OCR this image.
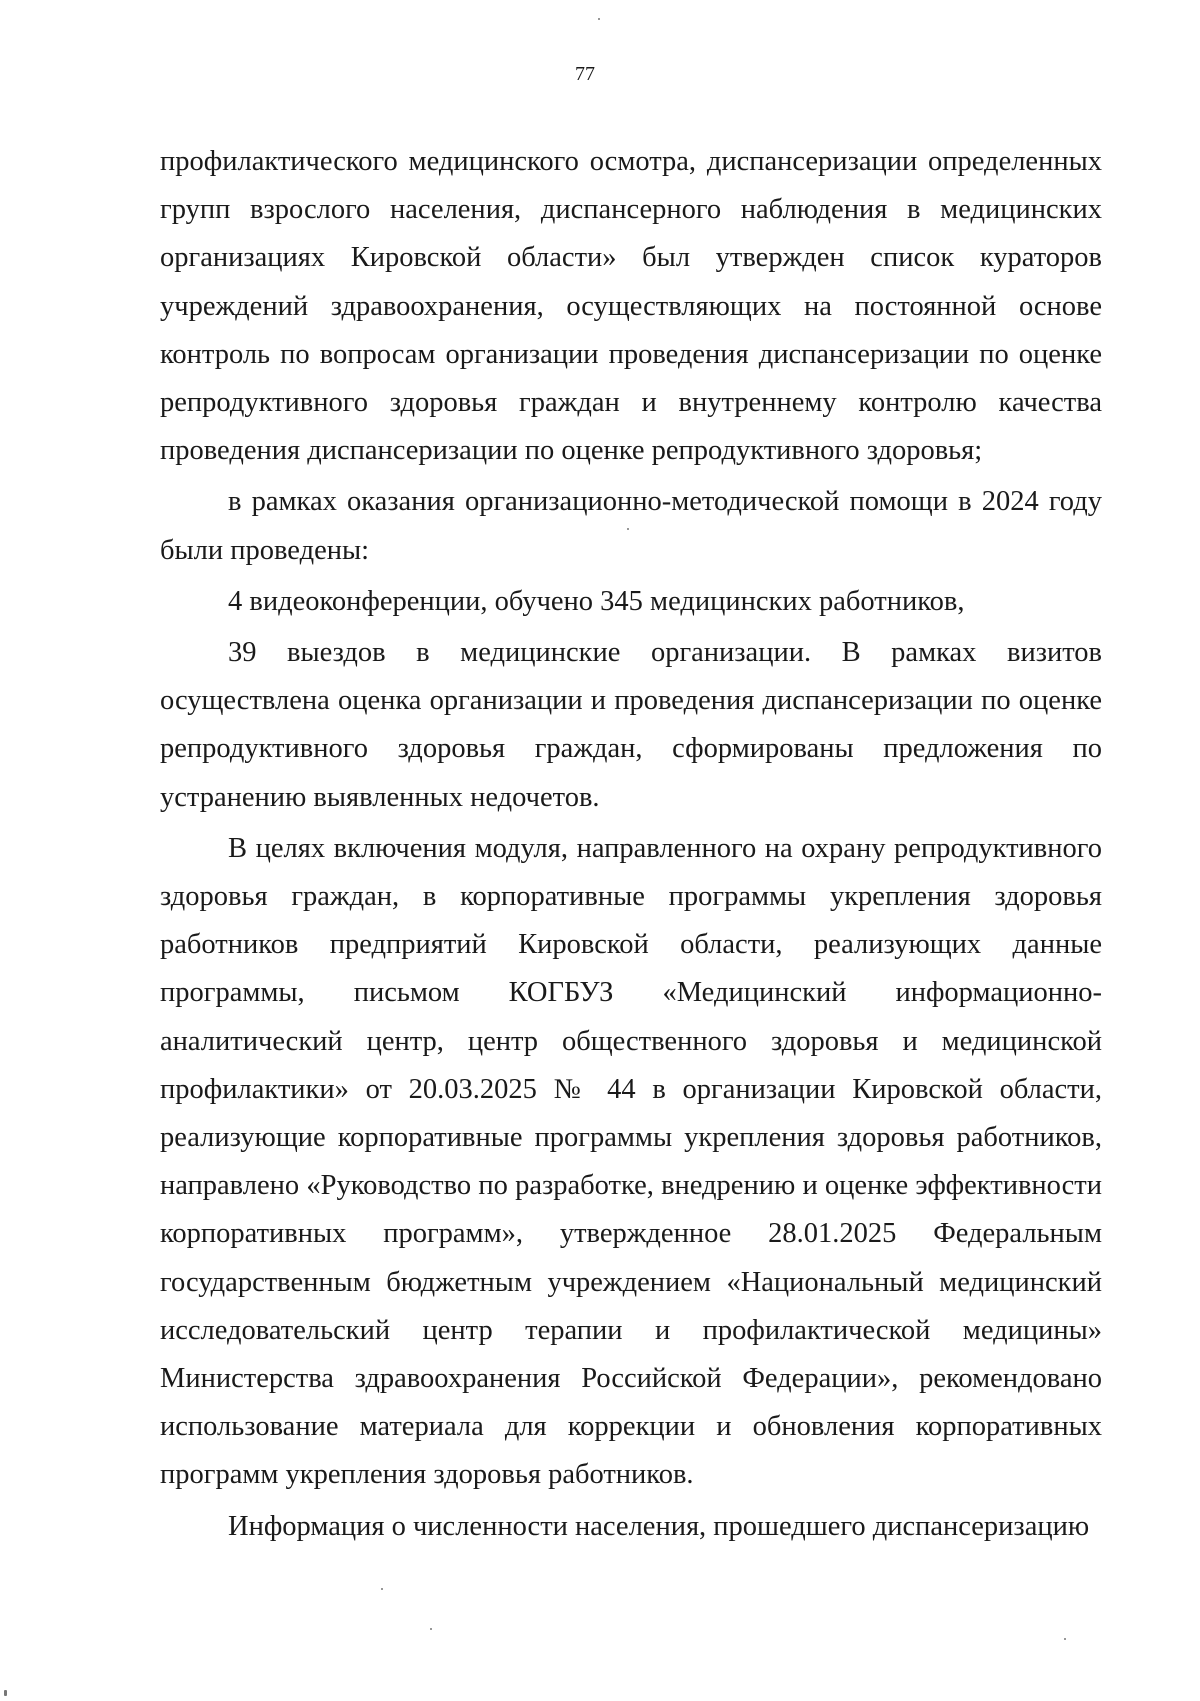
77

профилактического медицинского осмотра, диспансеризации определенных групп взрослого населения, диспансерного наблюдения в медицинских организациях Кировской области» был утвержден список кураторов учреждений здравоохранения, осуществляющих на постоянной основе контроль по вопросам организации проведения диспансеризации по оценке репродуктивного здоровья граждан и внутреннему контролю качества проведения диспансеризации по оценке репродуктивного здоровья;

в рамках оказания организационно-методической помощи в 2024 году были проведены:

4 видеоконференции, обучено 345 медицинских работников,

39 выездов в медицинские организации. В рамках визитов осуществлена оценка организации и проведения диспансеризации по оценке репродуктивного здоровья граждан, сформированы предложения по устранению выявленных недочетов.

В целях включения модуля, направленного на охрану репродуктивного здоровья граждан, в корпоративные программы укрепления здоровья работников предприятий Кировской области, реализующих данные программы, письмом КОГБУЗ «Медицинский информационно-аналитический центр, центр общественного здоровья и медицинской профилактики» от 20.03.2025 № 44 в организации Кировской области, реализующие корпоративные программы укрепления здоровья работников, направлено «Руководство по разработке, внедрению и оценке эффективности корпоративных программ», утвержденное 28.01.2025 Федеральным государственным бюджетным учреждением «Национальный медицинский исследовательский центр терапии и профилактической медицины» Министерства здравоохранения Российской Федерации», рекомендовано использование материала для коррекции и обновления корпоративных программ укрепления здоровья работников.

Информация о численности населения, прошедшего диспансеризацию
